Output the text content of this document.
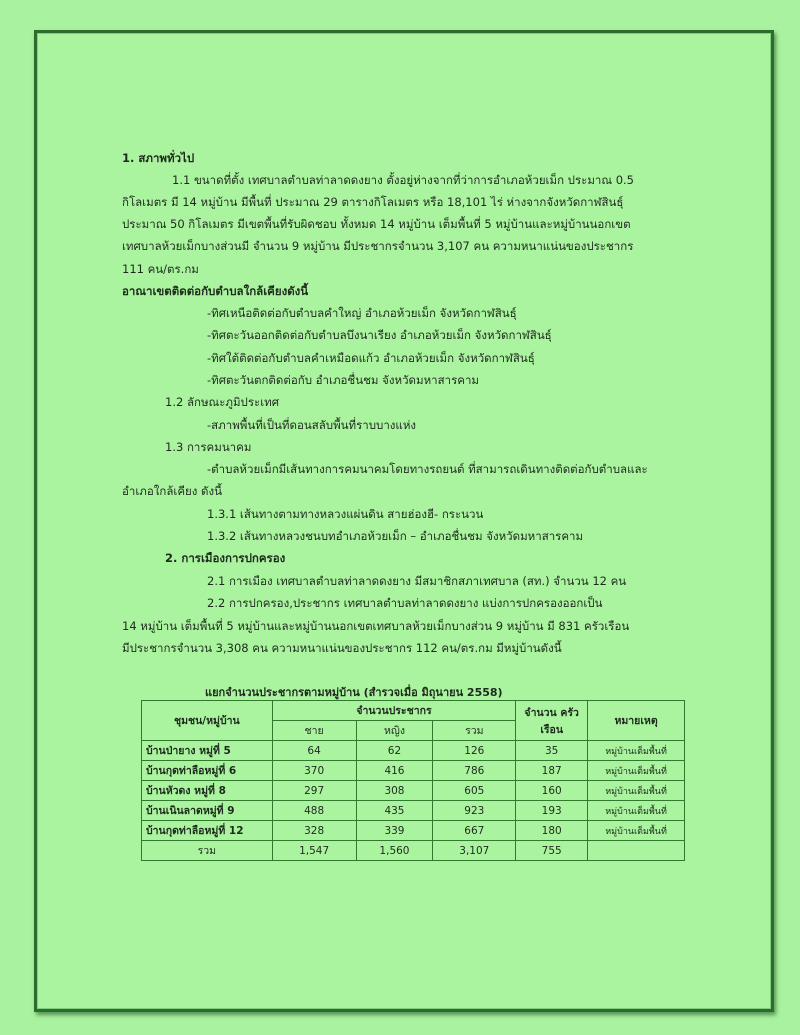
1. สภาพทั่วไป
1.1 ขนาดที่ตั้ง เทศบาลตำบลท่าลาดดงยาง ตั้งอยู่ห่างจากที่ว่าการอำเภอห้วยเม็ก ประมาณ 0.5
กิโลเมตร มี 14 หมู่บ้าน มีพื้นที่ ประมาณ 29 ตารางกิโลเมตร หรือ 18,101 ไร่ ห่างจากจังหวัดกาฬสินธุ์
ประมาณ 50 กิโลเมตร มีเขตพื้นที่รับผิดชอบ ทั้งหมด 14 หมู่บ้าน เต็มพื้นที่ 5 หมู่บ้านและหมู่บ้านนอกเขต
เทศบาลห้วยเม็กบางส่วนมี จำนวน 9 หมู่บ้าน มีประชากรจำนวน 3,107 คน ความหนาแน่นของประชากร
111 คน/ตร.กม
อาณาเขตติดต่อกับตำบลใกล้เคียงดังนี้
-ทิศเหนือติดต่อกับตำบลคำใหญ่ อำเภอห้วยเม็ก จังหวัดกาฬสินธุ์
-ทิศตะวันออกติดต่อกับตำบลบึงนาเรียง อำเภอห้วยเม็ก จังหวัดกาฬสินธุ์
-ทิศใต้ติดต่อกับตำบลคำเหมือดแก้ว อำเภอห้วยเม็ก จังหวัดกาฬสินธุ์
-ทิศตะวันตกติดต่อกับ อำเภอชื่นชม จังหวัดมหาสารคาม
1.2 ลักษณะภูมิประเทศ
-สภาพพื้นที่เป็นที่ดอนสลับพื้นที่ราบบางแห่ง
1.3 การคมนาคม
-ตำบลห้วยเม็กมีเส้นทางการคมนาคมโดยทางรถยนต์ ที่สามารถเดินทางติดต่อกับตำบลและ
อำเภอใกล้เคียง ดังนี้
1.3.1 เส้นทางตามทางหลวงแผ่นดิน สายฮ่องฮี- กระนวน
1.3.2 เส้นทางหลวงชนบทอำเภอห้วยเม็ก – อำเภอชื่นชม จังหวัดมหาสารคาม
2. การเมืองการปกครอง
2.1 การเมือง เทศบาลตำบลท่าลาดดงยาง มีสมาชิกสภาเทศบาล (สท.) จำนวน 12 คน
2.2 การปกครอง,ประชากร เทศบาลตำบลท่าลาดดงยาง แบ่งการปกครองออกเป็น
14 หมู่บ้าน เต็มพื้นที่ 5 หมู่บ้านและหมู่บ้านนอกเขตเทศบาลห้วยเม็กบางส่วน 9 หมู่บ้าน มี 831 ครัวเรือน
มีประชากรจำนวน 3,308 คน ความหนาแน่นของประชากร 112 คน/ตร.กม มีหมู่บ้านดังนี้
แยกจำนวนประชากรตามหมู่บ้าน (สำรวจเมื่อ มิถุนายน 2558)
ชุมชน/หมู่บ้าน	จำนวนประชากร			จำนวน ครัวเรือน	หมายเหตุ
	ชาย	หญิง	รวม		
บ้านป่ายาง หมู่ที่ 5	64	62	126	35	หมู่บ้านเต็มพื้นที่
บ้านกุดท่าลือหมู่ที่ 6	370	416	786	187	หมู่บ้านเต็มพื้นที่
บ้านหัวดง หมู่ที่ 8	297	308	605	160	หมู่บ้านเต็มพื้นที่
บ้านเนินลาดหมู่ที่ 9	488	435	923	193	หมู่บ้านเต็มพื้นที่
บ้านกุดท่าลือหมู่ที่ 12	328	339	667	180	หมู่บ้านเต็มพื้นที่
รวม	1,547	1,560	3,107	755	
